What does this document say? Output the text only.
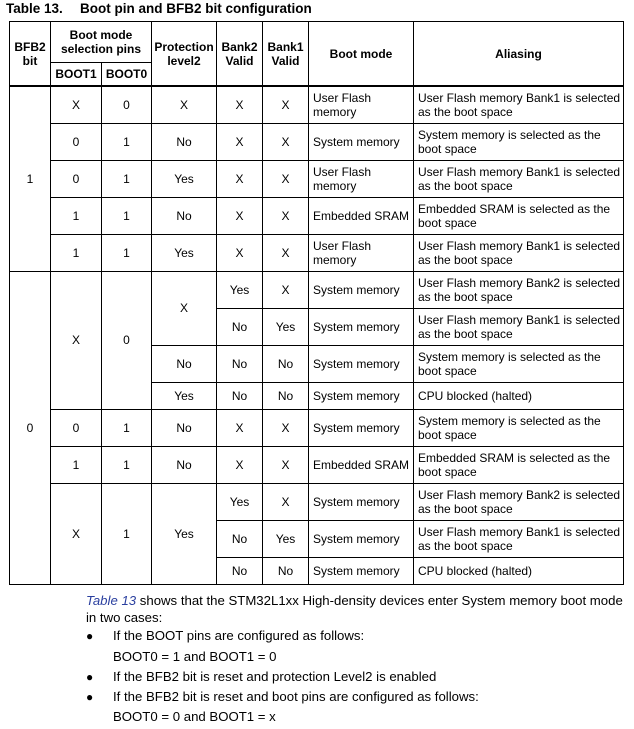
Table 13. Boot pin and BFB2 bit configuration
BFB2 bit	Boot mode selection pins		Protection level2	Bank2 Valid	Bank1 Valid	Boot mode	Aliasing
	BOOT1	BOOT0					
1	X	0	X	X	X	User Flash memory	User Flash memory Bank1 is selected as the boot space
	0	1	No	X	X	System memory	System memory is selected as the boot space
	0	1	Yes	X	X	User Flash memory	User Flash memory Bank1 is selected as the boot space
	1	1	No	X	X	Embedded SRAM	Embedded SRAM is selected as the boot space
	1	1	Yes	X	X	User Flash memory	User Flash memory Bank1 is selected as the boot space
0	X	0	X	Yes	X	System memory	User Flash memory Bank2 is selected as the boot space
				No	Yes	System memory	User Flash memory Bank1 is selected as the boot space
			No	No	No	System memory	System memory is selected as the boot space
			Yes	No	No	System memory	CPU blocked (halted)
	0	1	No	X	X	System memory	System memory is selected as the boot space
	1	1	No	X	X	Embedded SRAM	Embedded SRAM is selected as the boot space
	X	1	Yes	Yes	X	System memory	User Flash memory Bank2 is selected as the boot space
				No	Yes	System memory	User Flash memory Bank1 is selected as the boot space
				No	No	System memory	CPU blocked (halted)
Table 13 shows that the STM32L1xx High-density devices enter System memory boot mode in two cases:
● If the BOOT pins are configured as follows:
BOOT0 = 1 and BOOT1 = 0
● If the BFB2 bit is reset and protection Level2 is enabled
● If the BFB2 bit is reset and boot pins are configured as follows:
BOOT0 = 0 and BOOT1 = x
